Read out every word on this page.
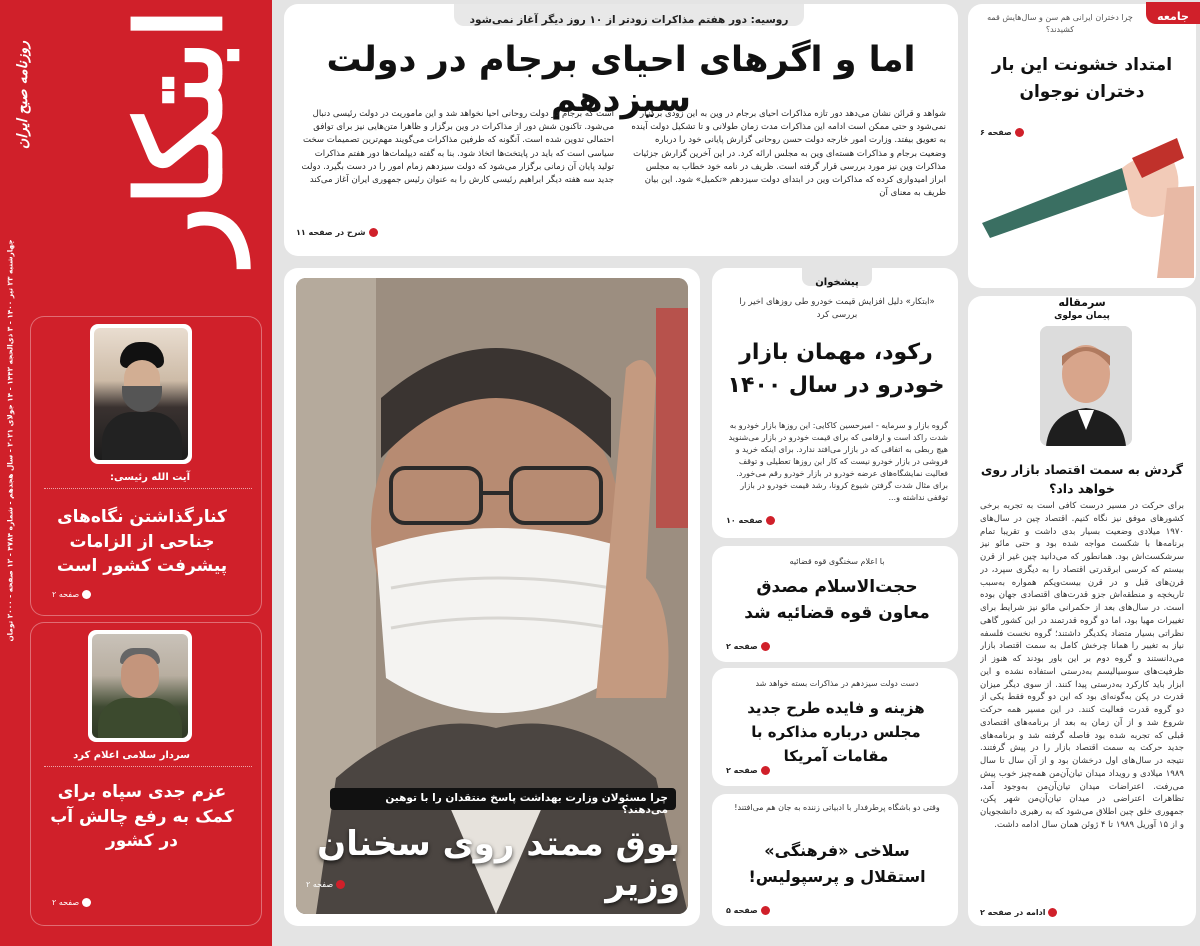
ابتکار
روزنامه صبح ایران
چهارشنبه ۲۳ تیر ۱۴۰۰ - ۳ ذی‌الحجه ۱۴۴۲ - ۱۴ جولای ۲۰۲۱ - سال هجدهم - شماره ۴۷۸۴ - ۱۲ صفحه - ۲۰۰۰ تومان
آیت الله رئیسی:
کنارگذاشتن نگاه‌های جناحی از الزامات پیشرفت کشور است
صفحه ۲
سردار سلامی اعلام کرد
عزم جدی سپاه برای کمک به رفع چالش آب در کشور
صفحه ۲
روسیه: دور هفتم مذاکرات زودتر از ۱۰ روز دیگر آغاز نمی‌شود
اما و اگرهای احیای برجام در دولت سیزدهم
شواهد و قرائن نشان می‌دهد دور تازه مذاکرات احیای برجام در وین به این زودی برگزار نمی‌شود و حتی ممکن است ادامه این مذاکرات مدت زمان طولانی و تا تشکیل دولت آینده به تعویق بیفتد. وزارت امور خارجه دولت حسن روحانی گزارش پایانی خود را درباره وضعیت برجام و مذاکرات هسته‌ای وین به مجلس ارائه کرد. در این آخرین گزارش جزئیات مذاکرات وین نیز مورد بررسی قرار گرفته است. ظریف در نامه خود خطاب به مجلس ابراز امیدواری کرده که مذاکرات وین در ابتدای دولت سیزدهم «تکمیل» شود. این بیان ظریف به معنای آن
است که برجام در دولت روحانی احیا نخواهد شد و این ماموریت در دولت رئیسی دنبال می‌شود. تاکنون شش دور از مذاکرات در وین برگزار و ظاهرا متن‌هایی نیز برای توافق احتمالی تدوین شده است. آنگونه که طرفین مذاکرات می‌گویند مهم‌ترین تصمیمات سخت سیاسی است که باید در پایتخت‌ها اتخاذ شود. بنا به گفته دیپلمات‌ها دور هفتم مذاکرات تولید پایان آن زمانی برگزار می‌شود که دولت سیزدهم زمام امور را در دست بگیرد. دولت جدید سه هفته دیگر ابراهیم رئیسی کارش را به عنوان رئیس جمهوری ایران آغاز می‌کند
شرح در صفحه ۱۱
چرا مسئولان وزارت بهداشت پاسخ منتقدان را با توهین می‌دهند؟
بوق ممتد روی سخنان وزیر
صفحه ۲
پیشخوان
«ابتکار» دلیل افزایش قیمت خودرو طی روزهای اخیر را بررسی کرد
رکود، مهمان بازار خودرو در سال ۱۴۰۰
گروه بازار و سرمایه - امیرحسین کاکایی: این روزها بازار خودرو به شدت راکد است و ارقامی که برای قیمت خودرو در بازار می‌شنوید هیچ ربطی به اتفاقی که در بازار می‌افتد ندارد. برای اینکه خرید و فروشی در بازار خودرو نیست که کار این روزها تعطیلی و توقف فعالیت نمایشگاه‌های عرضه خودرو در بازار خودرو رقم می‌خورد. برای مثال شدت گرفتن شیوع کرونا، رشد قیمت خودرو در بازار توقفی نداشته و...
صفحه ۱۰
با اعلام سخنگوی قوه قضائیه
حجت‌الاسلام مصدق معاون قوه قضائیه شد
صفحه ۲
دست دولت سیزدهم در مذاکرات بسته خواهد شد
هزینه و فایده طرح جدید مجلس درباره مذاکره با مقامات آمریکا
صفحه ۲
وقتی دو باشگاه پرطرفدار با ادبیاتی زننده به جان هم می‌افتند!
سلاخی «فرهنگی» استقلال و پرسپولیس!
صفحه ۵
جامعه
چرا دختران ایرانی هم سن و سال‌هایش قمه کشیدند؟
امتداد خشونت این بار دختران نوجوان
صفحه ۶
سرمقاله
پیمان مولوی
گردش به سمت اقتصاد بازار روی خواهد داد؟
برای حرکت در مسیر درست کافی است به تجربه برخی کشورهای موفق نیز نگاه کنیم. اقتصاد چین در سال‌های ۱۹۷۰ میلادی وضعیت بسیار بدی داشت و تقریبا تمام برنامه‌ها با شکست مواجه شده بود و حتی مائو نیز سرشکست‌اش بود. همانطور که می‌دانید چین غیر از قرن بیستم که کرسی ابرقدرتی اقتصاد را به دیگری سپرد، در قرن‌های قبل و در قرن بیست‌ویکم همواره به‌سبب تاریخچه و منطقه‌اش جزو قدرت‌های اقتصادی جهان بوده است. در سال‌های بعد از حکمرانی مائو نیز شرایط برای تغییرات مهیا بود، اما دو گروه قدرتمند در این کشور گاهی نظراتی بسیار متضاد یکدیگر داشتند؛ گروه نخست فلسفه نیاز به تغییر را همانا چرخش کامل به سمت اقتصاد بازار می‌دانستند و گروه دوم بر این باور بودند که هنوز از ظرفیت‌های سوسیالیسم به‌درستی استفاده نشده و این ابزار باید کارکرد به‌درستی پیدا کنند. از سوی دیگر میزان قدرت در پکن به‌گونه‌ای بود که این دو گروه فقط یکی از دو گروه قدرت فعالیت کنند. در این مسیر همه حرکت شروع شد و از آن زمان به بعد از برنامه‌های اقتصادی قبلی که تجربه شده بود فاصله گرفته شد و برنامه‌های جدید حرکت به سمت اقتصاد بازار را در پیش گرفتند. نتیجه در سال‌های اول درخشان بود و از آن سال تا سال ۱۹۸۹ میلادی و رویداد میدان تیان‌آن‌من همه‌چیز خوب پیش می‌رفت. اعتراضات میدان تیان‌آن‌من به‌وجود آمد، تظاهرات اعتراضی در میدان تیان‌آن‌من شهر پکن، جمهوری خلق چین اطلاق می‌شود که به رهبری دانشجویان و از ۱۵ آوریل ۱۹۸۹ تا ۴ ژوئن همان سال ادامه داشت.
ادامه در صفحه ۲
